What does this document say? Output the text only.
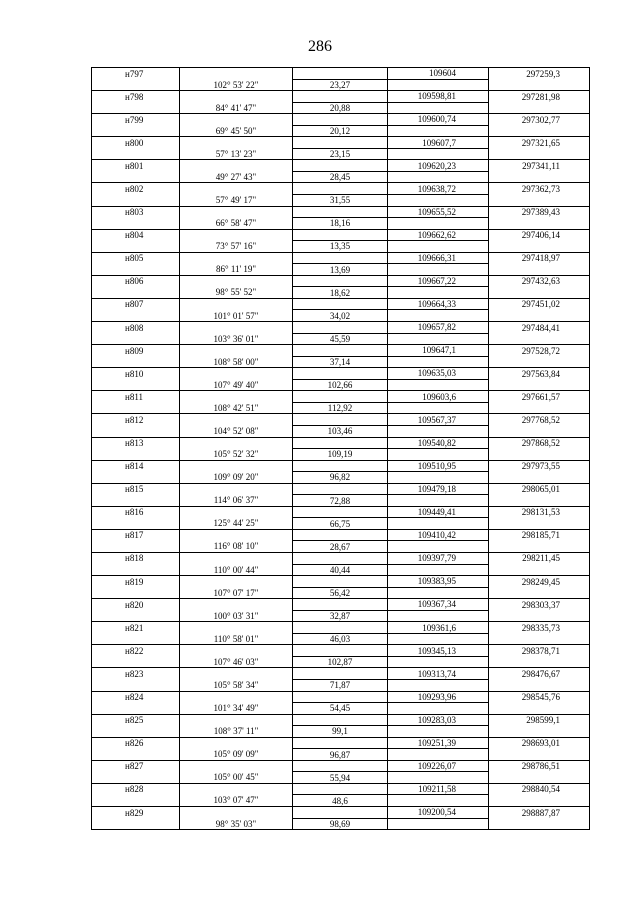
286
н797			109604	297259,3
	102° 53' 22"	23,27		
н798			109598,81	297281,98
	84° 41' 47"	20,88		
н799			109600,74	297302,77
	69° 45' 50"	20,12		
н800			109607,7	297321,65
	57° 13' 23"	23,15		
н801			109620,23	297341,11
	49° 27' 43"	28,45		
н802			109638,72	297362,73
	57° 49' 17"	31,55		
н803			109655,52	297389,43
	66° 58' 47"	18,16		
н804			109662,62	297406,14
	73° 57' 16"	13,35		
н805			109666,31	297418,97
	86° 11' 19"	13,69		
н806			109667,22	297432,63
	98° 55' 52"	18,62		
н807			109664,33	297451,02
	101° 01' 57"	34,02		
н808			109657,82	297484,41
	103° 36' 01"	45,59		
н809			109647,1	297528,72
	108° 58' 00"	37,14		
н810			109635,03	297563,84
	107° 49' 40"	102,66		
н811			109603,6	297661,57
	108° 42' 51"	112,92		
н812			109567,37	297768,52
	104° 52' 08"	103,46		
н813			109540,82	297868,52
	105° 52' 32"	109,19		
н814			109510,95	297973,55
	109° 09' 20"	96,82		
н815			109479,18	298065,01
	114° 06' 37"	72,88		
н816			109449,41	298131,53
	125° 44' 25"	66,75		
н817			109410,42	298185,71
	116° 08' 10"	28,67		
н818			109397,79	298211,45
	110° 00' 44"	40,44		
н819			109383,95	298249,45
	107° 07' 17"	56,42		
н820			109367,34	298303,37
	100° 03' 31"	32,87		
н821			109361,6	298335,73
	110° 58' 01"	46,03		
н822			109345,13	298378,71
	107° 46' 03"	102,87		
н823			109313,74	298476,67
	105° 58' 34"	71,87		
н824			109293,96	298545,76
	101° 34' 49"	54,45		
н825			109283,03	298599,1
	108° 37' 11"	99,1		
н826			109251,39	298693,01
	105° 09' 09"	96,87		
н827			109226,07	298786,51
	105° 00' 45"	55,94		
н828			109211,58	298840,54
	103° 07' 47"	48,6		
н829			109200,54	298887,87
	98° 35' 03"	98,69		
